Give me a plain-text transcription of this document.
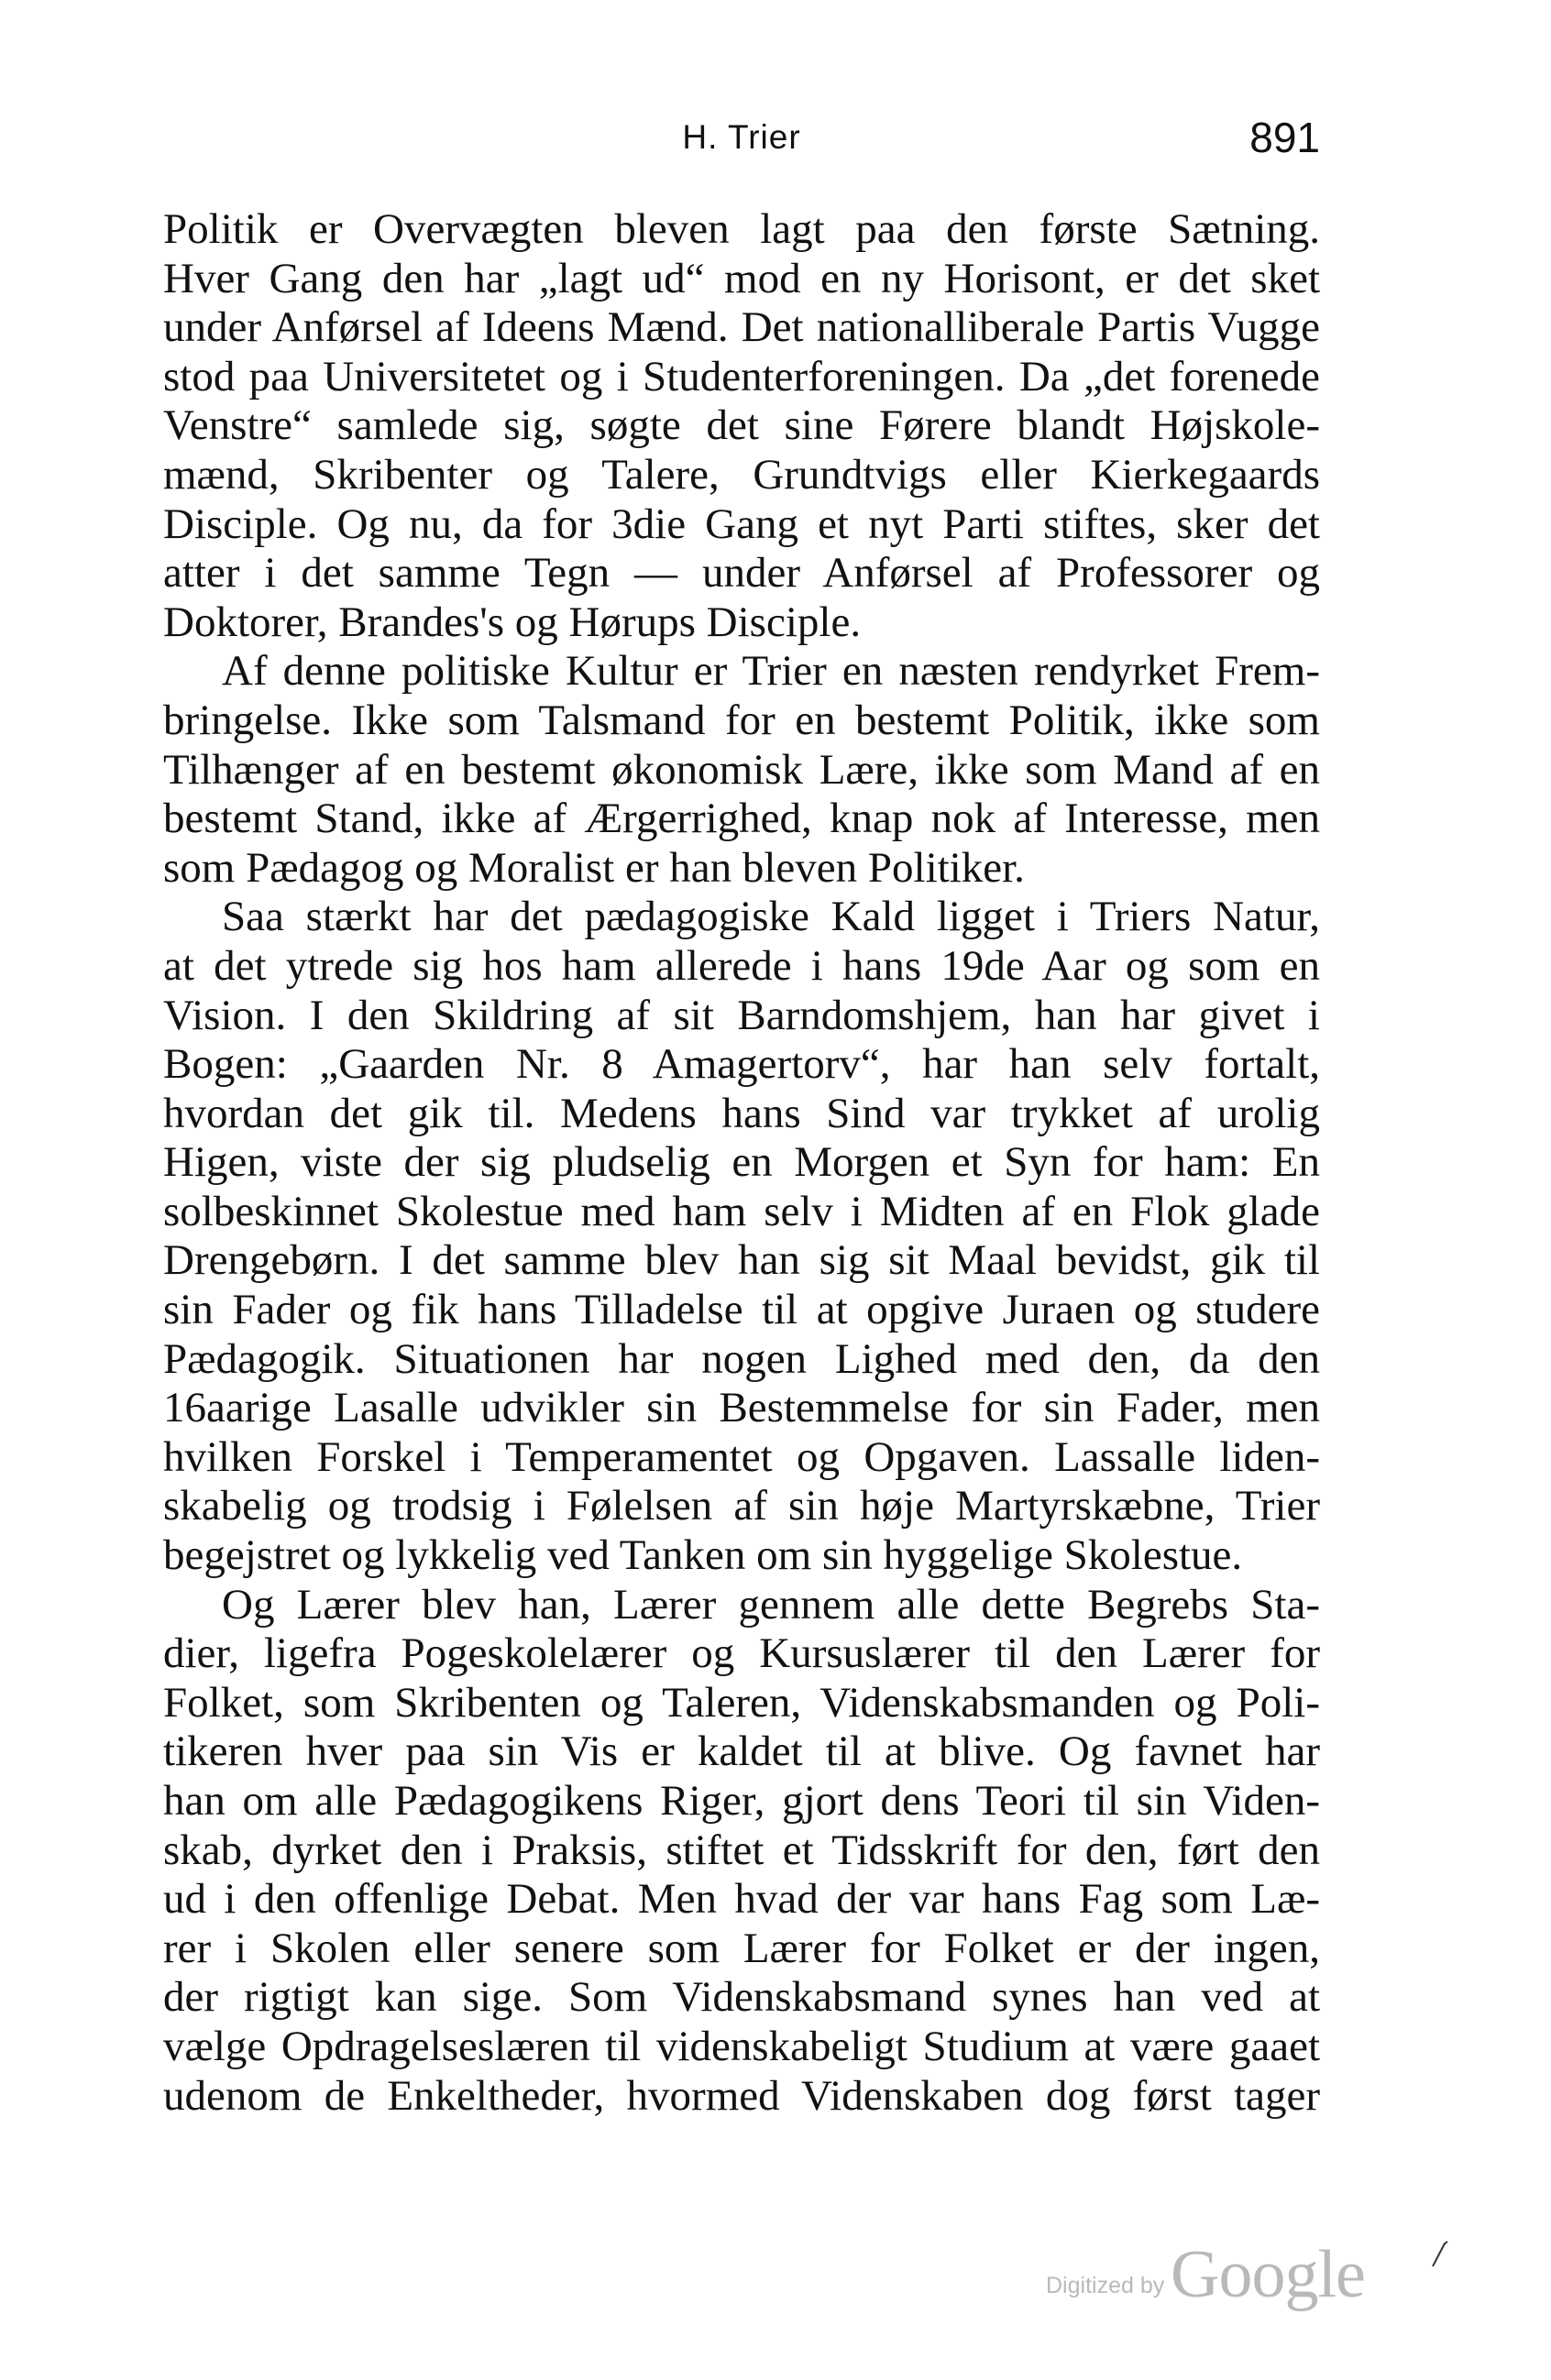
H. Trier	891
Politik er Overvægten bleven lagt paa den første Sætning.
Hver Gang den har „lagt ud“ mod en ny Horisont, er det sket
under Anførsel af Ideens Mænd. Det nationalliberale Partis Vugge
stod paa Universitetet og i Studenterforeningen. Da „det forenede
Venstre“ samlede sig, søgte det sine Førere blandt Højskole-
mænd, Skribenter og Talere, Grundtvigs eller Kierkegaards
Disciple. Og nu, da for 3die Gang et nyt Parti stiftes, sker det
atter i det samme Tegn — under Anførsel af Professorer og
Doktorer, Brandes's og Hørups Disciple.
Af denne politiske Kultur er Trier en næsten rendyrket Frem-
bringelse. Ikke som Talsmand for en bestemt Politik, ikke som
Tilhænger af en bestemt økonomisk Lære, ikke som Mand af en
bestemt Stand, ikke af Ærgerrighed, knap nok af Interesse, men
som Pædagog og Moralist er han bleven Politiker.
Saa stærkt har det pædagogiske Kald ligget i Triers Natur,
at det ytrede sig hos ham allerede i hans 19de Aar og som en
Vision. I den Skildring af sit Barndomshjem, han har givet i
Bogen: „Gaarden Nr. 8 Amagertorv“, har han selv fortalt,
hvordan det gik til. Medens hans Sind var trykket af urolig
Higen, viste der sig pludselig en Morgen et Syn for ham: En
solbeskinnet Skolestue med ham selv i Midten af en Flok glade
Drengebørn. I det samme blev han sig sit Maal bevidst, gik til
sin Fader og fik hans Tilladelse til at opgive Juraen og studere
Pædagogik. Situationen har nogen Lighed med den, da den
16aarige Lasalle udvikler sin Bestemmelse for sin Fader, men
hvilken Forskel i Temperamentet og Opgaven. Lassalle liden-
skabelig og trodsig i Følelsen af sin høje Martyrskæbne, Trier
begejstret og lykkelig ved Tanken om sin hyggelige Skolestue.
Og Lærer blev han, Lærer gennem alle dette Begrebs Sta-
dier, ligefra Pogeskolelærer og Kursuslærer til den Lærer for
Folket, som Skribenten og Taleren, Videnskabsmanden og Poli-
tikeren hver paa sin Vis er kaldet til at blive. Og favnet har
han om alle Pædagogikens Riger, gjort dens Teori til sin Viden-
skab, dyrket den i Praksis, stiftet et Tidsskrift for den, ført den
ud i den offenlige Debat. Men hvad der var hans Fag som Læ-
rer i Skolen eller senere som Lærer for Folket er der ingen,
der rigtigt kan sige. Som Videnskabsmand synes han ved at
vælge Opdragelseslæren til videnskabeligt Studium at være gaaet
udenom de Enkeltheder, hvormed Videnskaben dog først tager
Digitized by Google
